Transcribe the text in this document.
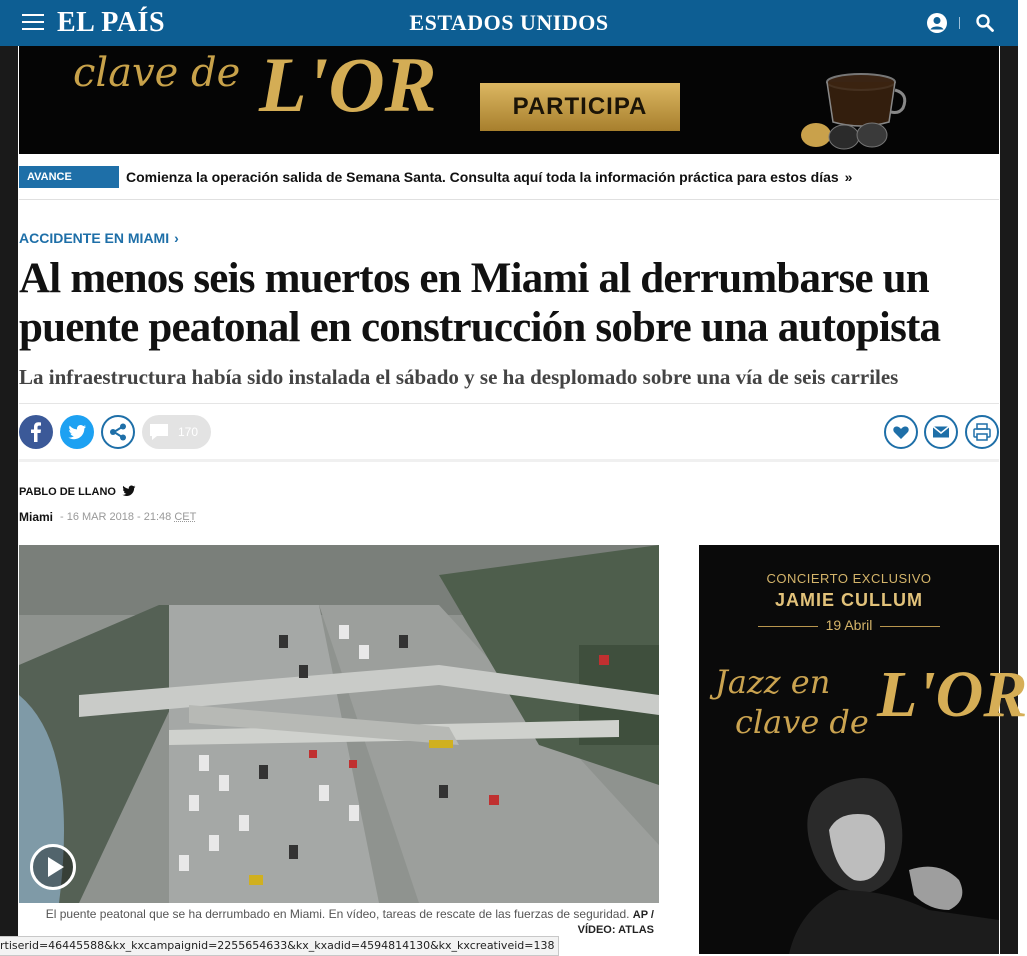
EL PAÍS	ESTADOS UNIDOS
clave de L'OR	PARTICIPA
AVANCE	Comienza la operación salida de Semana Santa. Consulta aquí toda la información práctica para estos días »
ACCIDENTE EN MIAMI ›
Al menos seis muertos en Miami al derrumbarse un puente peatonal en construcción sobre una autopista
La infraestructura había sido instalada el sábado y se ha desplomado sobre una vía de seis carriles
170
PABLO DE LLANO
Miami - 16 MAR 2018 - 21:48 CET
El puente peatonal que se ha derrumbado en Miami. En vídeo, tareas de rescate de las fuerzas de seguridad. AP / VÍDEO: ATLAS
CONCIERTO EXCLUSIVO
JAMIE CULLUM
19 Abril
Jazz en
clave de L'OR
rtiserid=46445588&kx_kxcampaignid=2255654633&kx_kxadid=4594814130&kx_kxcreativeid=138
